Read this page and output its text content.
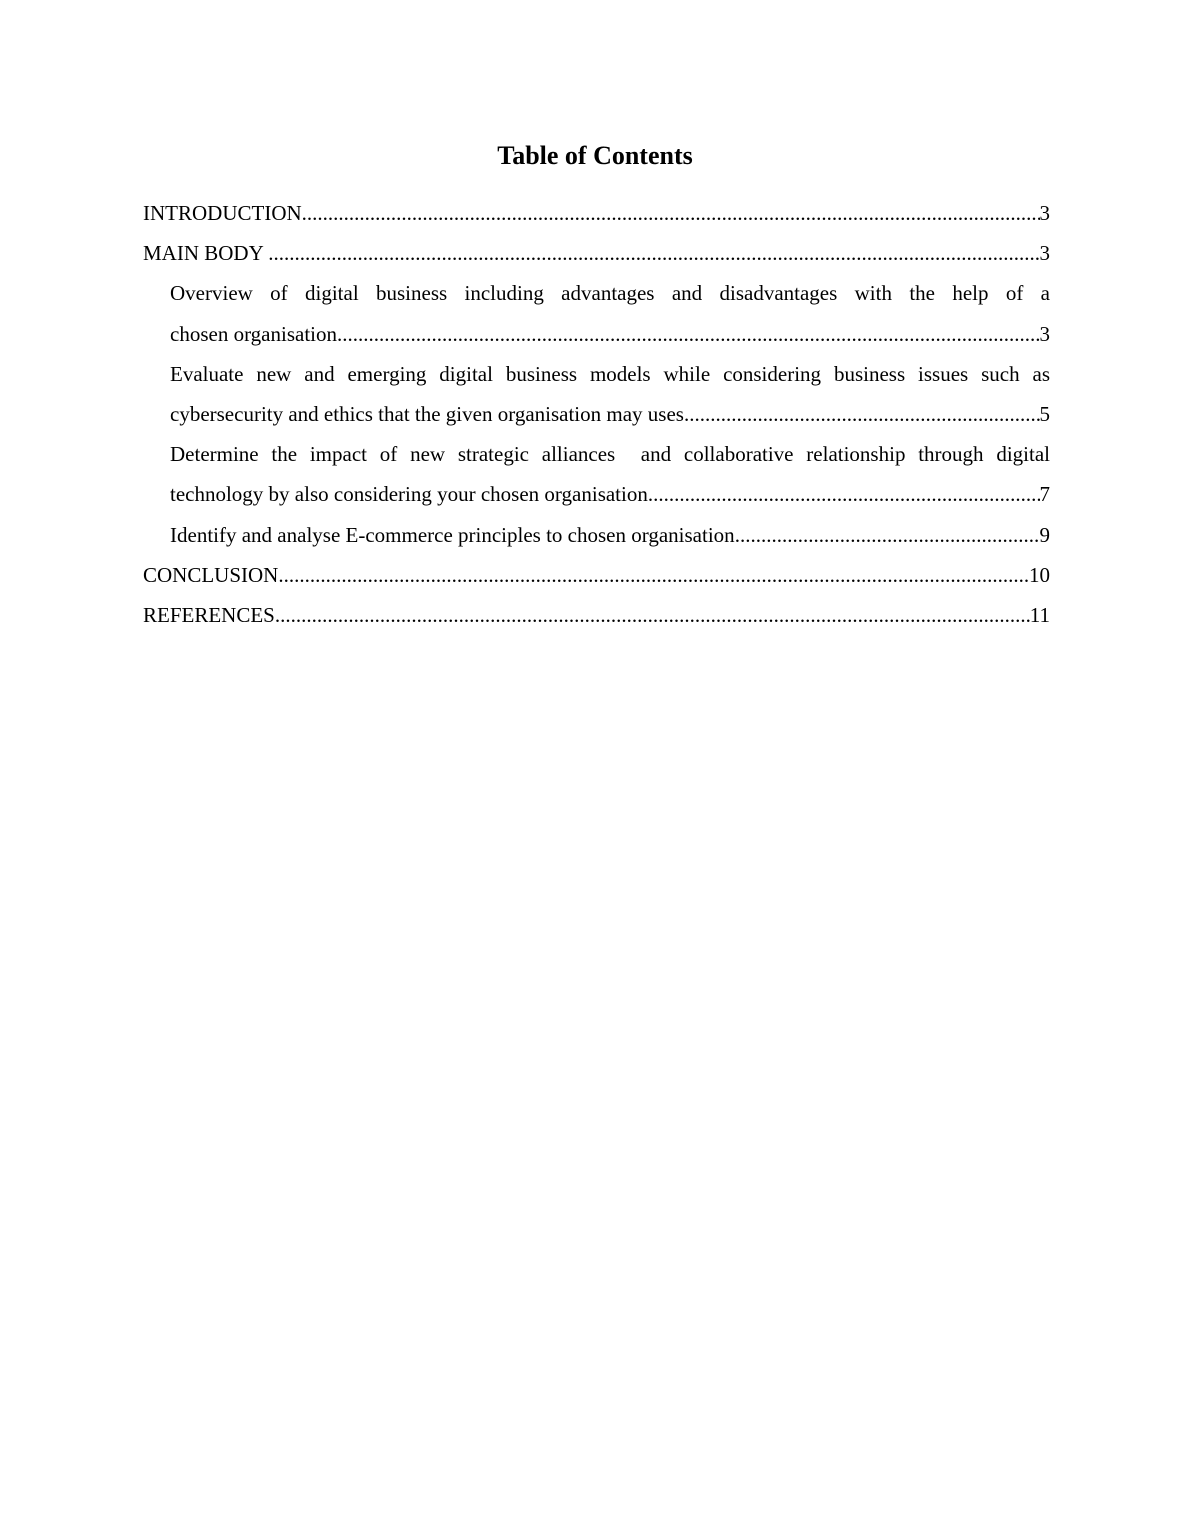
Table of Contents
INTRODUCTION .....	3
MAIN BODY .....	3
Overview of digital business including advantages and disadvantages with the help of a
chosen organisation .....	3
Evaluate new and emerging digital business models while considering business issues such as
cybersecurity and ethics that the given organisation may uses .....	5
Determine the impact of new strategic alliances  and collaborative relationship through digital
technology by also considering your chosen organisation .....	7
Identify and analyse E-commerce principles to chosen organisation .....	9
CONCLUSION .....	10
REFERENCES .....	11
